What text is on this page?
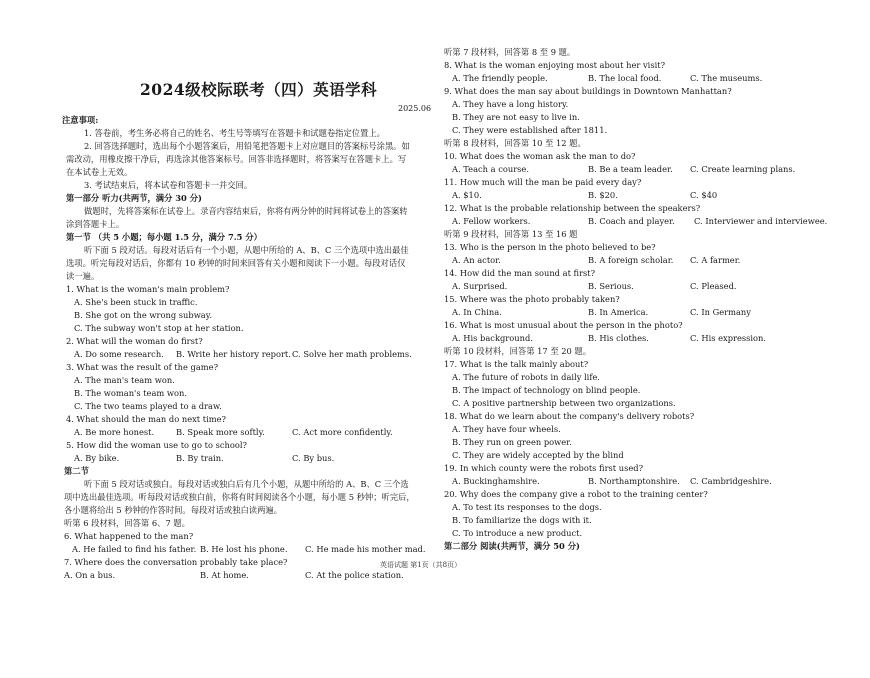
2024级校际联考（四）英语学科
2025.06
注意事项:
1. 答卷前，考生务必将自己的姓名、考生号等填写在答题卡和试题卷指定位置上。
2. 回答选择题时，选出每个小题答案后，用铅笔把答题卡上对应题目的答案标号涂黑。如
需改动，用橡皮擦干净后，再选涂其他答案标号。回答非选择题时，将答案写在答题卡上。写
在本试卷上无效。
3. 考试结束后，将本试卷和答题卡一并交回。
第一部分 听力(共两节，满分 30 分)
做题时，先将答案标在试卷上。录音内容结束后，你将有两分钟的时间将试卷上的答案转
涂到答题卡上。
第一节 （共 5 小题；每小题 1.5 分，满分 7.5 分）
听下面 5 段对话。每段对话后有一个小题，从题中所给的 A、B、C 三个选项中选出最佳
选项。听完每段对话后，你都有 10 秒钟的时间来回答有关小题和阅读下一小题。每段对话仅
读一遍。
1. What is the woman's main problem?
A. She's been stuck in traffic.
B. She got on the wrong subway.
C. The subway won't stop at her station.
2. What will the woman do first?
A. Do some research. B. Write her history report. C. Solve her math problems.
3. What was the result of the game?
A. The man's team won.
B. The woman's team won.
C. The two teams played to a draw.
4. What should the man do next time?
A. Be more honest.	B. Speak more softly.	C. Act more confidently.
5. How did the woman use to go to school?
A. By bike.	B. By train.	C. By bus.
第二节
听下面 5 段对话或独白。每段对话或独白后有几个小题，从题中所给的 A、B、C 三个选
项中选出最佳选项。听每段对话或独白前，你将有时间阅读各个小题，每小题 5 秒钟；听完后，
各小题将给出 5 秒钟的作答时间。每段对话或独白读两遍。
听第 6 段材料，回答第 6、7 题。
6. What happened to the man?
A. He failed to find his father. B. He lost his phone. C. He made his mother mad.
7. Where does the conversation probably take place?
A. On a bus.	B. At home.	C. At the police station.
听第 7 段材料，回答第 8 至 9 题。
8. What is the woman enjoying most about her visit?
A. The friendly people.	B. The local food.	C. The museums.
9. What does the man say about buildings in Downtown Manhattan?
A. They have a long history.
B. They are not easy to live in.
C. They were established after 1811.
听第 8 段材料，回答第 10 至 12 题。
10. What does the woman ask the man to do?
A. Teach a course.	B. Be a team leader. C. Create learning plans.
11. How much will the man be paid every day?
A. $10.	B. $20.	C. $40
12. What is the probable relationship between the speakers?
A. Fellow workers.	B. Coach and player. C. Interviewer and interviewee.
听第 9 段材料，回答第 13 至 16 题
13. Who is the person in the photo believed to be?
A. An actor.	B. A foreign scholar. C. A farmer.
14. How did the man sound at first?
A. Surprised.	B. Serious.	C. Pleased.
15. Where was the photo probably taken?
A. In China.	B. In America.	C. In Germany
16. What is most unusual about the person in the photo?
A. His background.	B. His clothes.	C. His expression.
听第 10 段材料，回答第 17 至 20 题。
17. What is the talk mainly about?
A. The future of robots in daily life.
B. The impact of technology on blind people.
C. A positive partnership between two organizations.
18. What do we learn about the company's delivery robots?
A. They have four wheels.
B. They run on green power.
C. They are widely accepted by the blind
19. In which county were the robots first used?
A. Buckinghamshire.	B. Northamptonshire. C. Cambridgeshire.
20. Why does the company give a robot to the training center?
A. To test its responses to the dogs.
B. To familiarize the dogs with it.
C. To introduce a new product.
第二部分 阅读(共两节，满分 50 分)
英语试题 第1页（共8页）
